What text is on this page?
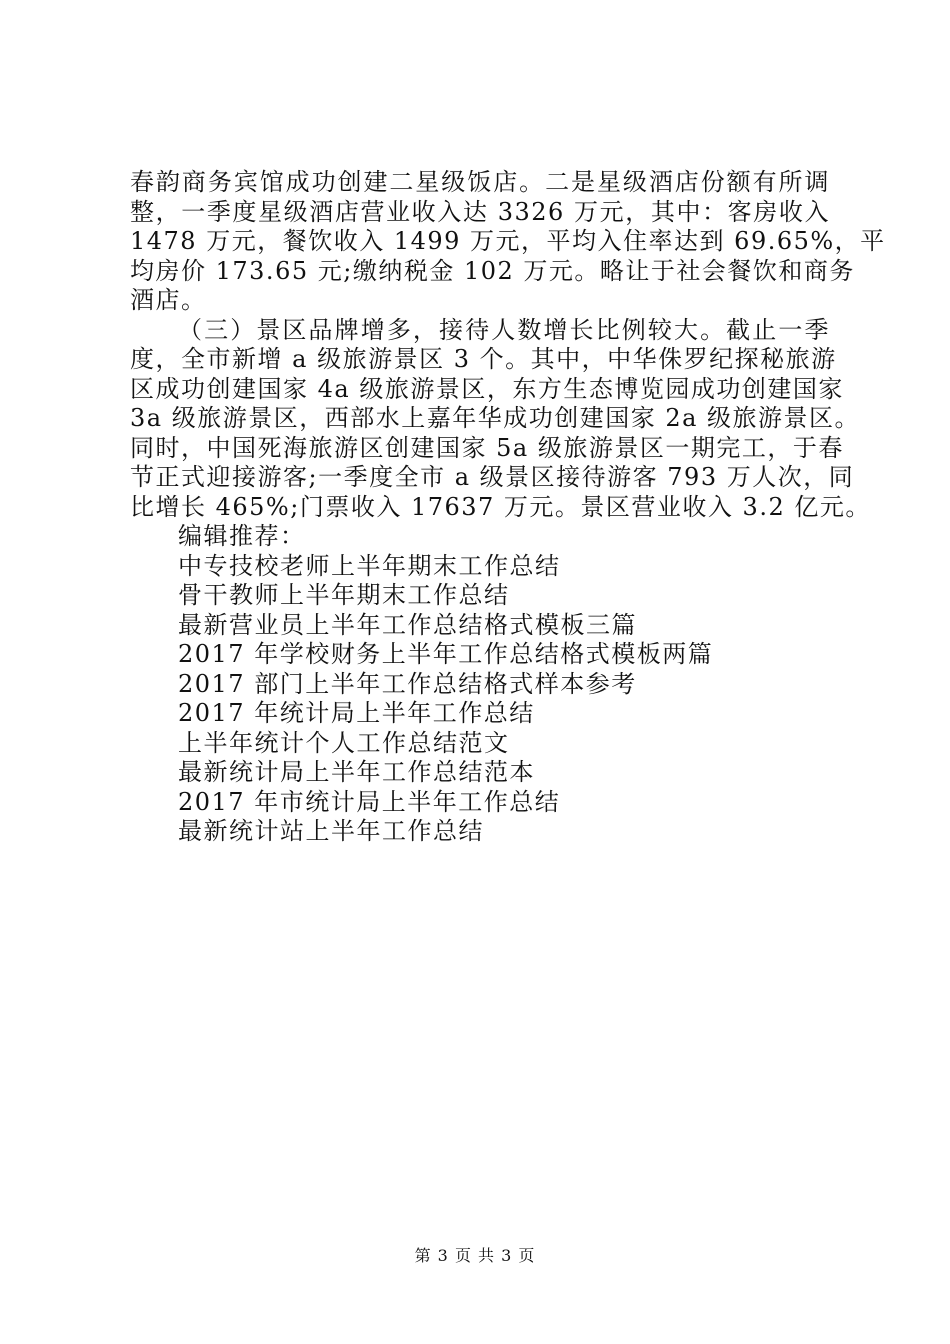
春韵商务宾馆成功创建二星级饭店。二是星级酒店份额有所调
整，一季度星级酒店营业收入达 3326 万元，其中：客房收入
1478 万元，餐饮收入 1499 万元，平均入住率达到 69.65%，平
均房价 173.65 元;缴纳税金 102 万元。略让于社会餐饮和商务
酒店。
（三）景区品牌增多，接待人数增长比例较大。截止一季
度，全市新增 a 级旅游景区 3 个。其中，中华侏罗纪探秘旅游
区成功创建国家 4a 级旅游景区，东方生态博览园成功创建国家
3a 级旅游景区，西部水上嘉年华成功创建国家 2a 级旅游景区。
同时，中国死海旅游区创建国家 5a 级旅游景区一期完工，于春
节正式迎接游客;一季度全市 a 级景区接待游客 793 万人次，同
比增长 465%;门票收入 17637 万元。景区营业收入 3.2 亿元。
编辑推荐：
中专技校老师上半年期末工作总结
骨干教师上半年期末工作总结
最新营业员上半年工作总结格式模板三篇
2017 年学校财务上半年工作总结格式模板两篇
2017 部门上半年工作总结格式样本参考
2017 年统计局上半年工作总结
上半年统计个人工作总结范文
最新统计局上半年工作总结范本
2017 年市统计局上半年工作总结
最新统计站上半年工作总结
第 3 页 共 3 页
